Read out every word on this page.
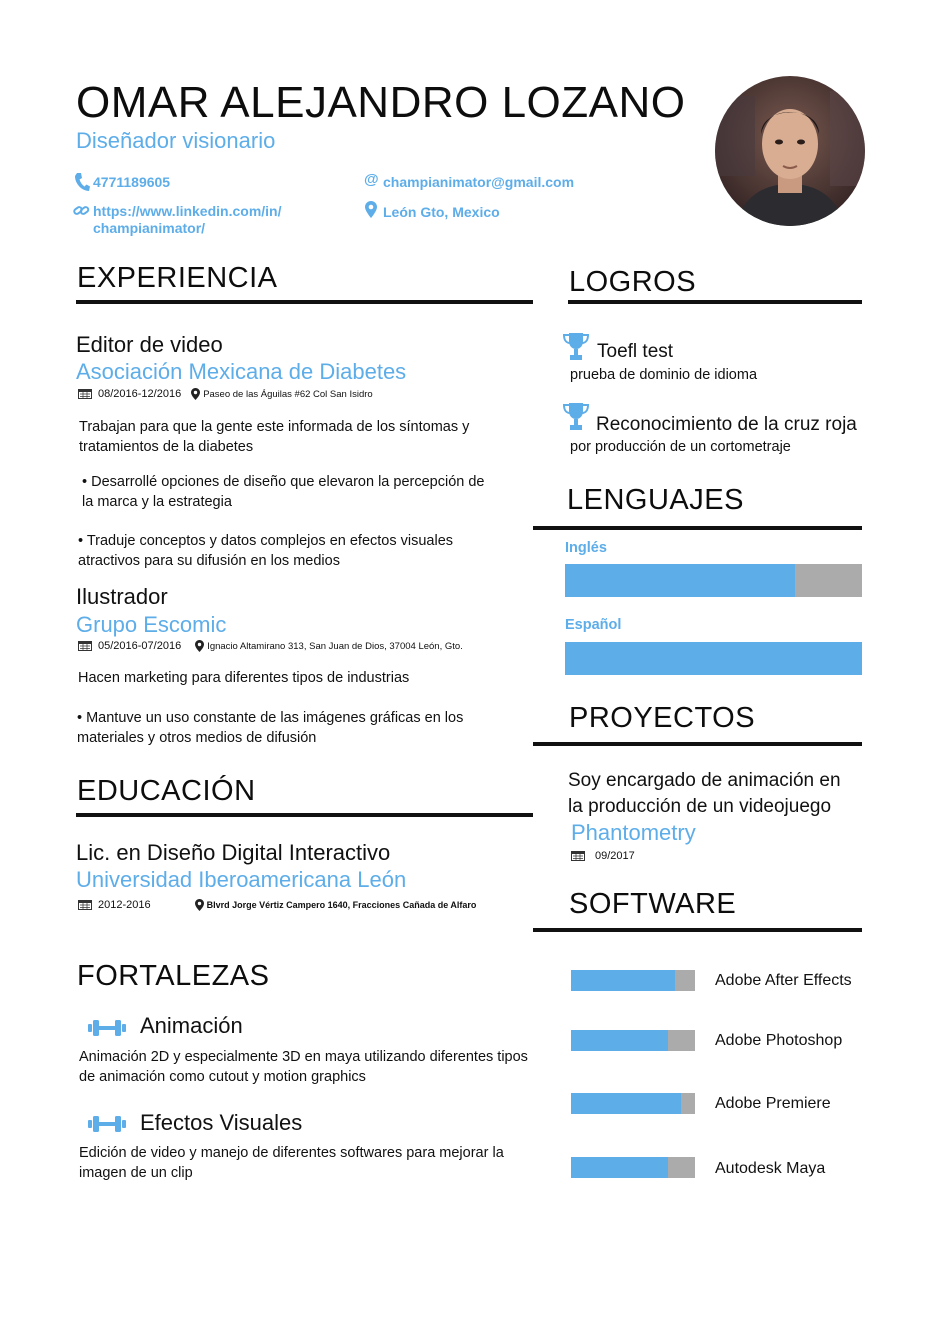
OMAR ALEJANDRO LOZANO
Diseñador visionario
4771189605	@ champianimator@gmail.com
https://www.linkedin.com/in/
champianimator/
León Gto, Mexico
EXPERIENCIA
Editor de video
Asociación Mexicana de Diabetes
08/2016-12/2016 Paseo de las Águilas #62 Col San Isidro
Trabajan para que la gente este informada de los síntomas y tratamientos de la diabetes
• Desarrollé opciones de diseño que elevaron la percepción de la marca y la estrategia
• Traduje conceptos y datos complejos en efectos visuales atractivos para su difusión en los medios
Ilustrador
Grupo Escomic
05/2016-07/2016	Ignacio Altamirano 313, San Juan de Dios, 37004 León, Gto.
Hacen marketing para diferentes tipos de industrias
• Mantuve un uso constante de las imágenes gráficas en los materiales y otros medios de difusión
EDUCACIÓN
Lic. en Diseño Digital Interactivo
Universidad Iberoamericana León
2012-2016	Blvrd Jorge Vértiz Campero 1640, Fracciones Cañada de Alfaro
FORTALEZAS
Animación
Animación 2D y especialmente 3D en maya utilizando diferentes tipos de animación como cutout y motion graphics
Efectos Visuales
Edición de video y manejo de diferentes softwares para mejorar la imagen de un clip
LOGROS
Toefl test
prueba de dominio de idioma
Reconocimiento de la cruz roja
por producción de un cortometraje
LENGUAJES
Inglés
Español
PROYECTOS
Soy encargado de animación en
la producción de un videojuego
Phantometry
09/2017
SOFTWARE
Adobe After Effects
Adobe Photoshop
Adobe Premiere
Autodesk Maya
